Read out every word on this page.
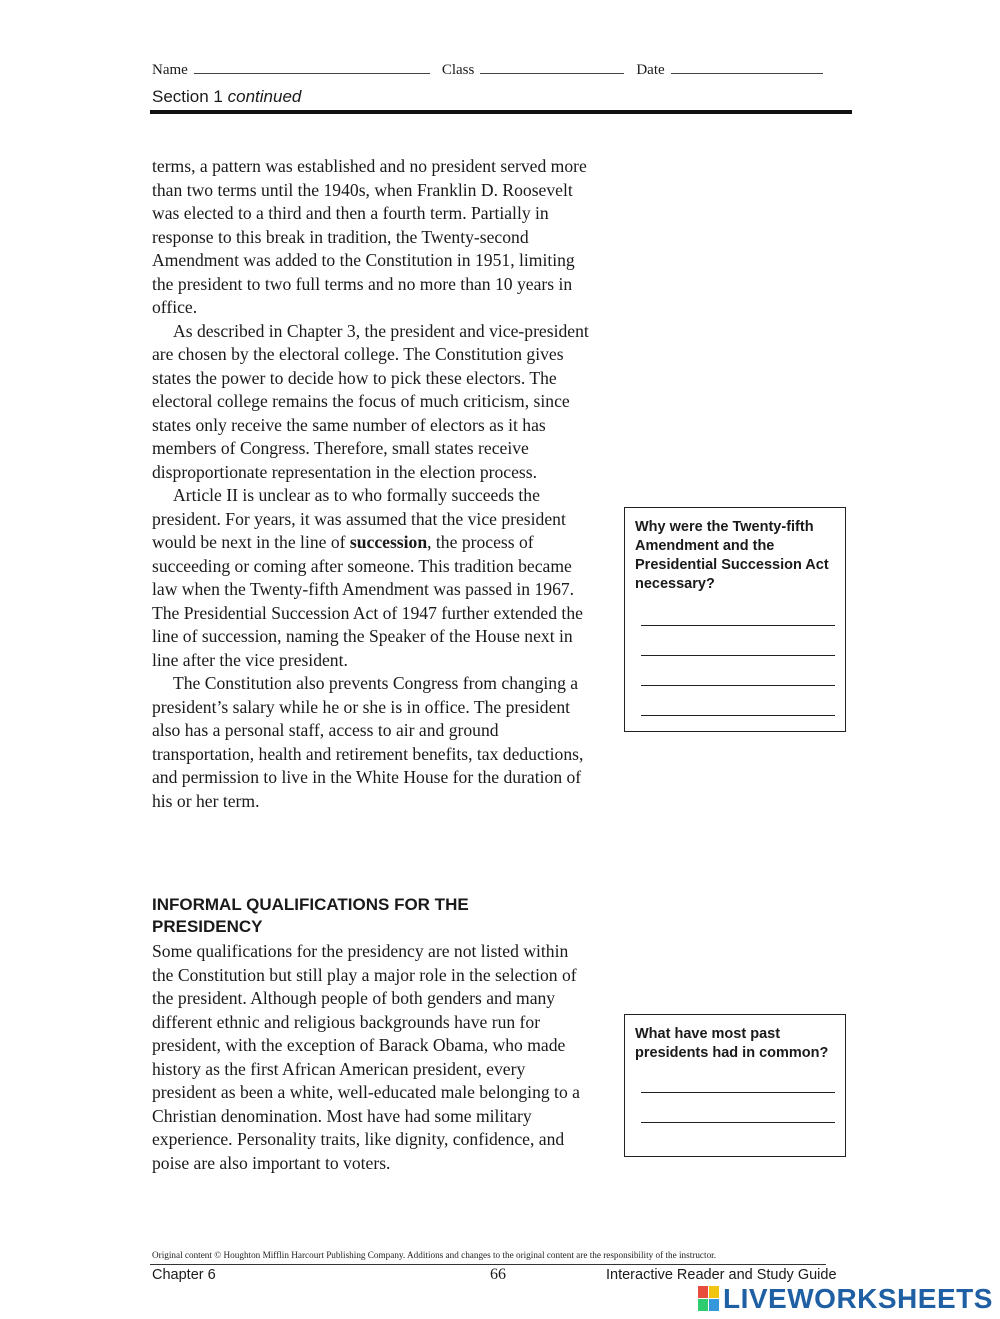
Name	Class	Date
Section 1 continued

terms, a pattern was established and no president served more than two terms until the 1940s, when Franklin D. Roosevelt was elected to a third and then a fourth term. Partially in response to this break in tradition, the Twenty-second Amendment was added to the Constitution in 1951, limiting the president to two full terms and no more than 10 years in office.

As described in Chapter 3, the president and vice-president are chosen by the electoral college. The Constitution gives states the power to decide how to pick these electors. The electoral college remains the focus of much criticism, since states only receive the same number of electors as it has members of Congress. Therefore, small states receive disproportionate representation in the election process.

Article II is unclear as to who formally succeeds the president. For years, it was assumed that the vice president would be next in the line of succession, the process of succeeding or coming after someone. This tradition became law when the Twenty-fifth Amendment was passed in 1967. The Presidential Succession Act of 1947 further extended the line of succession, naming the Speaker of the House next in line after the vice president.

The Constitution also prevents Congress from changing a president’s salary while he or she is in office. The president also has a personal staff, access to air and ground transportation, health and retirement benefits, tax deductions, and permission to live in the White House for the duration of his or her term.

INFORMAL QUALIFICATIONS FOR THE PRESIDENCY

Some qualifications for the presidency are not listed within the Constitution but still play a major role in the selection of the president. Although people of both genders and many different ethnic and religious backgrounds have run for president, with the exception of Barack Obama, who made history as the first African American president, every president as been a white, well-educated male belonging to a Christian denomination. Most have had some military experience. Personality traits, like dignity, confidence, and poise are also important to voters.

Why were the Twenty-fifth Amendment and the Presidential Succession Act necessary?
What have most past presidents had in common?
Original content © Houghton Mifflin Harcourt Publishing Company. Additions and changes to the original content are the responsibility of the instructor.
Chapter 6	66	Interactive Reader and Study Guide
LIVEWORKSHEETS
